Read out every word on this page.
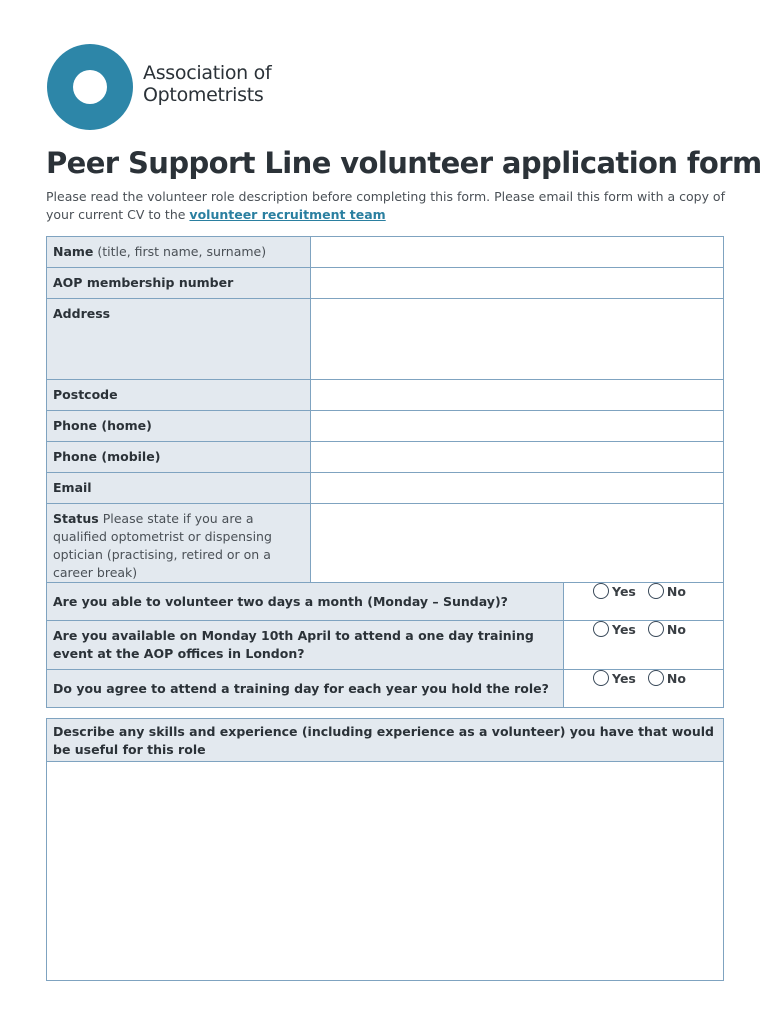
Association of
Optometrists
Peer Support Line volunteer application form
Please read the volunteer role description before completing this form. Please email this form with a copy of your current CV to the volunteer recruitment team
Name (title, first name, surname)	
AOP membership number	
Address	
Postcode	
Phone (home)	
Phone (mobile)	
Email	
Status Please state if you are a qualified optometrist or dispensing optician (practising, retired or on a career break)	
Are you able to volunteer two days a month (Monday – Sunday)?	Yes No

Are you available on Monday 10th April to attend a one day training event at the AOP offices in London?	Yes No

Do you agree to attend a training day for each year you hold the role?	Yes No
Describe any skills and experience (including experience as a volunteer) you have that would be useful for this role
